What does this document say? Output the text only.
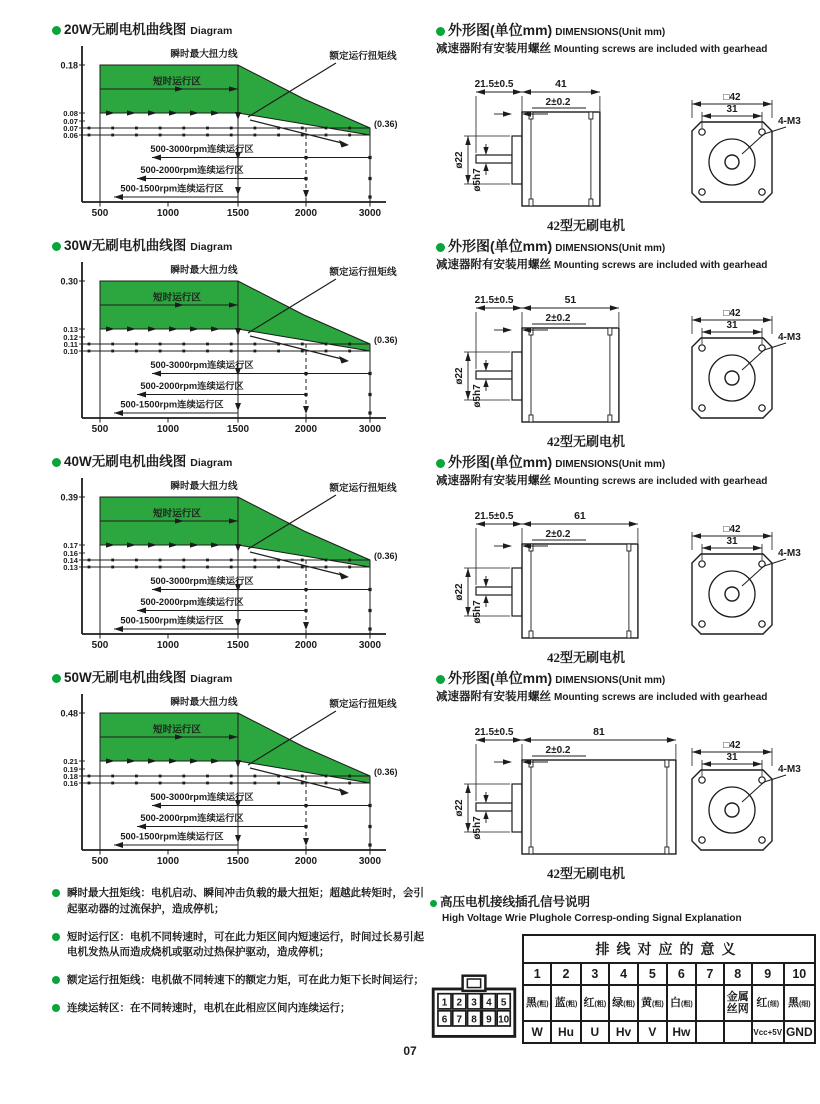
20W无刷电机曲线图 Diagram
500-3000rpm连续运行区
500-2000rpm连续运行区
500-1500rpm连续运行区
瞬时最大扭力线
短时运行区
额定运行扭矩线
0.18
0.08
0.07
0.07
0.06
500	1000	1500	2000	3000
(0.36)
30W无刷电机曲线图 Diagram
500-3000rpm连续运行区
500-2000rpm连续运行区
500-1500rpm连续运行区
瞬时最大扭力线
短时运行区
额定运行扭矩线
0.30
0.13
0.12
0.11
0.10
500	1000	1500	2000	3000
(0.36)
40W无刷电机曲线图 Diagram
500-3000rpm连续运行区
500-2000rpm连续运行区
500-1500rpm连续运行区
瞬时最大扭力线
短时运行区
额定运行扭矩线
0.39
0.17
0.16
0.14
0.13
500	1000	1500	2000	3000
(0.36)
50W无刷电机曲线图 Diagram
500-3000rpm连续运行区
500-2000rpm连续运行区
500-1500rpm连续运行区
瞬时最大扭力线
短时运行区
额定运行扭矩线
0.48
0.21
0.19
0.18
0.16
500	1000	1500	2000	3000
(0.36)
外形图(单位mm) DIMENSIONS(Unit mm)
减速器附有安装用螺丝 Mounting screws are included with gearhead
21.5±0.5	41
2±0.2
ø22
ø5h7
□42
31
4-M3
42型无刷电机
外形图(单位mm) DIMENSIONS(Unit mm)
减速器附有安装用螺丝 Mounting screws are included with gearhead
21.5±0.5	51
2±0.2
ø22
ø5h7
□42
31
4-M3
42型无刷电机
外形图(单位mm) DIMENSIONS(Unit mm)
减速器附有安装用螺丝 Mounting screws are included with gearhead
21.5±0.5	61
2±0.2
ø22
ø5h7
□42
31
4-M3
42型无刷电机
外形图(单位mm) DIMENSIONS(Unit mm)
减速器附有安装用螺丝 Mounting screws are included with gearhead
21.5±0.5	81
2±0.2
ø22
ø5h7
□42
31
4-M3
42型无刷电机
瞬时最大扭矩线：电机启动、瞬间冲击负载的最大扭矩；超越此转矩时，会引起驱动器的过流保护，造成停机；
短时运行区：电机不同转速时，可在此力矩区间内短速运行，时间过长易引起电机发热从而造成烧机或驱动过热保护驱动，造成停机；
额定运行扭矩线：电机做不同转速下的额定力矩，可在此力矩下长时间运行；
连续运转区：在不同转速时，电机在此相应区间内连续运行；
高压电机接线插孔信号说明
High Voltage Wrie Plughole Corresp-onding Signal Explanation
1
6
2
7
3
8
4
9
5
10
排线对应的意义									
1	2	3	4	5	6	7	8	9	10
黑(粗)	蓝(粗)	红(粗)	绿(粗)	黄(粗)	白(粗)		金属丝网	红(细)	黑(细)
W	Hu	U	Hv	V	Hw			Vcc+5V	GND
07
